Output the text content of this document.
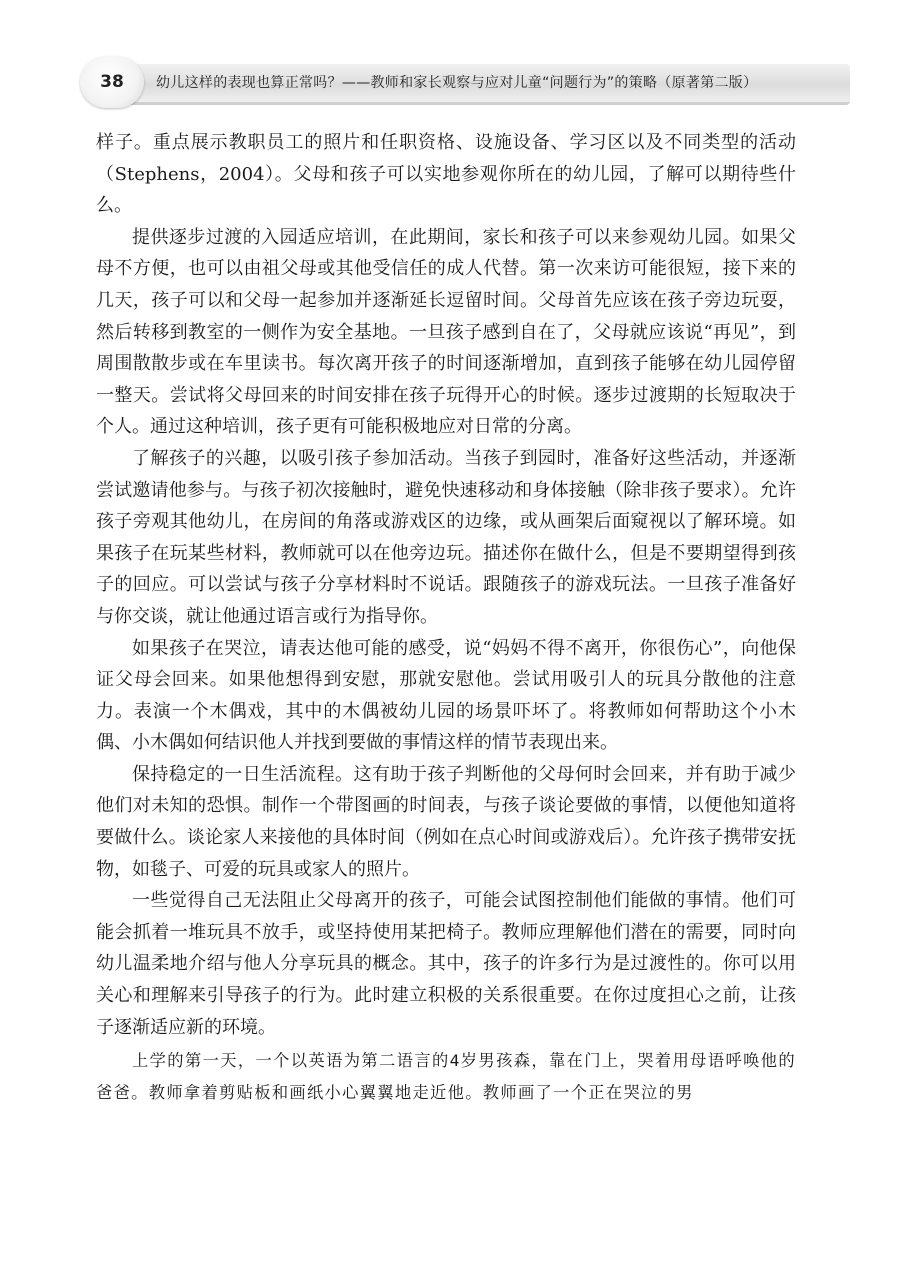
38	幼儿这样的表现也算正常吗？——教师和家长观察与应对儿童“问题行为”的策略（原著第二版）

样子。重点展示教职员工的照片和任职资格、设施设备、学习区以及不同类型的活动（Stephens，2004）。父母和孩子可以实地参观你所在的幼儿园，了解可以期待些什么。

提供逐步过渡的入园适应培训，在此期间，家长和孩子可以来参观幼儿园。如果父母不方便，也可以由祖父母或其他受信任的成人代替。第一次来访可能很短，接下来的几天，孩子可以和父母一起参加并逐渐延长逗留时间。父母首先应该在孩子旁边玩耍，然后转移到教室的一侧作为安全基地。一旦孩子感到自在了，父母就应该说“再见”，到周围散散步或在车里读书。每次离开孩子的时间逐渐增加，直到孩子能够在幼儿园停留一整天。尝试将父母回来的时间安排在孩子玩得开心的时候。逐步过渡期的长短取决于个人。通过这种培训，孩子更有可能积极地应对日常的分离。

了解孩子的兴趣，以吸引孩子参加活动。当孩子到园时，准备好这些活动，并逐渐尝试邀请他参与。与孩子初次接触时，避免快速移动和身体接触（除非孩子要求）。允许孩子旁观其他幼儿，在房间的角落或游戏区的边缘，或从画架后面窥视以了解环境。如果孩子在玩某些材料，教师就可以在他旁边玩。描述你在做什么，但是不要期望得到孩子的回应。可以尝试与孩子分享材料时不说话。跟随孩子的游戏玩法。一旦孩子准备好与你交谈，就让他通过语言或行为指导你。

如果孩子在哭泣，请表达他可能的感受，说“妈妈不得不离开，你很伤心”，向他保证父母会回来。如果他想得到安慰，那就安慰他。尝试用吸引人的玩具分散他的注意力。表演一个木偶戏，其中的木偶被幼儿园的场景吓坏了。将教师如何帮助这个小木偶、小木偶如何结识他人并找到要做的事情这样的情节表现出来。

保持稳定的一日生活流程。这有助于孩子判断他的父母何时会回来，并有助于减少他们对未知的恐惧。制作一个带图画的时间表，与孩子谈论要做的事情，以便他知道将要做什么。谈论家人来接他的具体时间（例如在点心时间或游戏后）。允许孩子携带安抚物，如毯子、可爱的玩具或家人的照片。

一些觉得自己无法阻止父母离开的孩子，可能会试图控制他们能做的事情。他们可能会抓着一堆玩具不放手，或坚持使用某把椅子。教师应理解他们潜在的需要，同时向幼儿温柔地介绍与他人分享玩具的概念。其中，孩子的许多行为是过渡性的。你可以用关心和理解来引导孩子的行为。此时建立积极的关系很重要。在你过度担心之前，让孩子逐渐适应新的环境。

上学的第一天，一个以英语为第二语言的4岁男孩森，靠在门上，哭着用母语呼唤他的爸爸。教师拿着剪贴板和画纸小心翼翼地走近他。教师画了一个正在哭泣的男
